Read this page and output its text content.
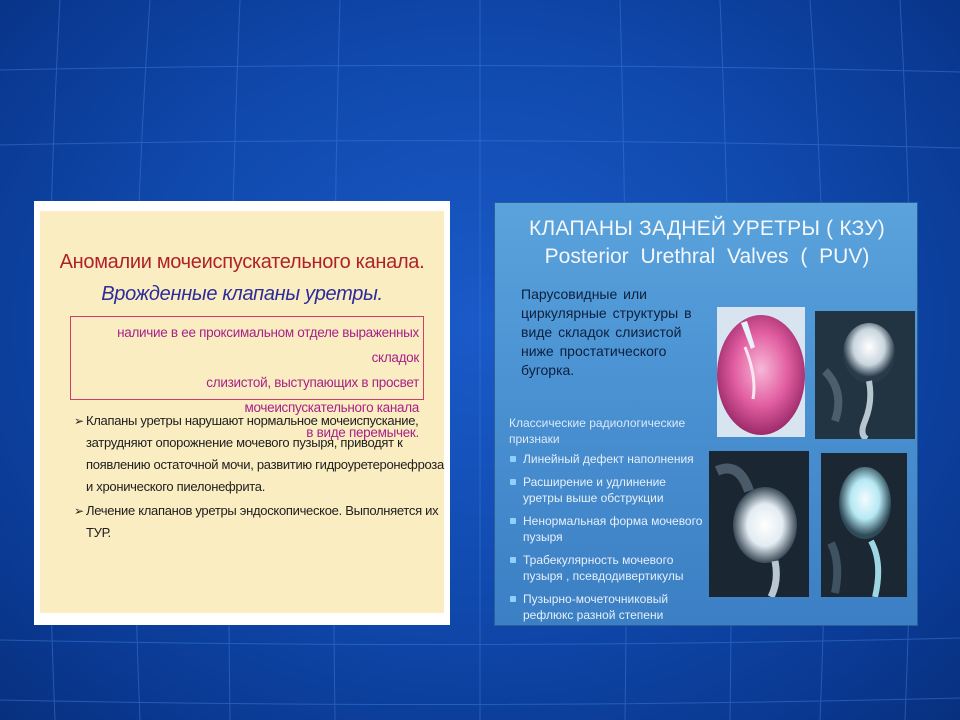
Аномалии мочеиспускательного канала.
Врожденные клапаны уретры.
наличие в ее проксимальном отделе выраженных складок
слизистой, выступающих в просвет мочеиспускательного канала
в виде перемычек.
➢ Клапаны уретры нарушают нормальное мочеиспускание,
затрудняют опорожнение мочевого пузыря, приводят к
появлению остаточной мочи, развитию гидроуретеронефроза
и хронического пиелонефрита.
➢ Лечение клапанов уретры эндоскопическое. Выполняется их
ТУР.
КЛАПАНЫ ЗАДНЕЙ УРЕТРЫ ( КЗУ)
Posterior Urethral Valves ( PUV)
Парусовидные или
циркулярные структуры в
виде складок слизистой
ниже простатического
бугорка.
Классические радиологические
признаки
Линейный дефект наполнения
Расширение и удлинение
уретры выше обструкции
Ненормальная форма мочевого
пузыря
Трабекулярность мочевого
пузыря , псевдодивертикулы
Пузырно-мочеточниковый
рефлюкс разной степени
